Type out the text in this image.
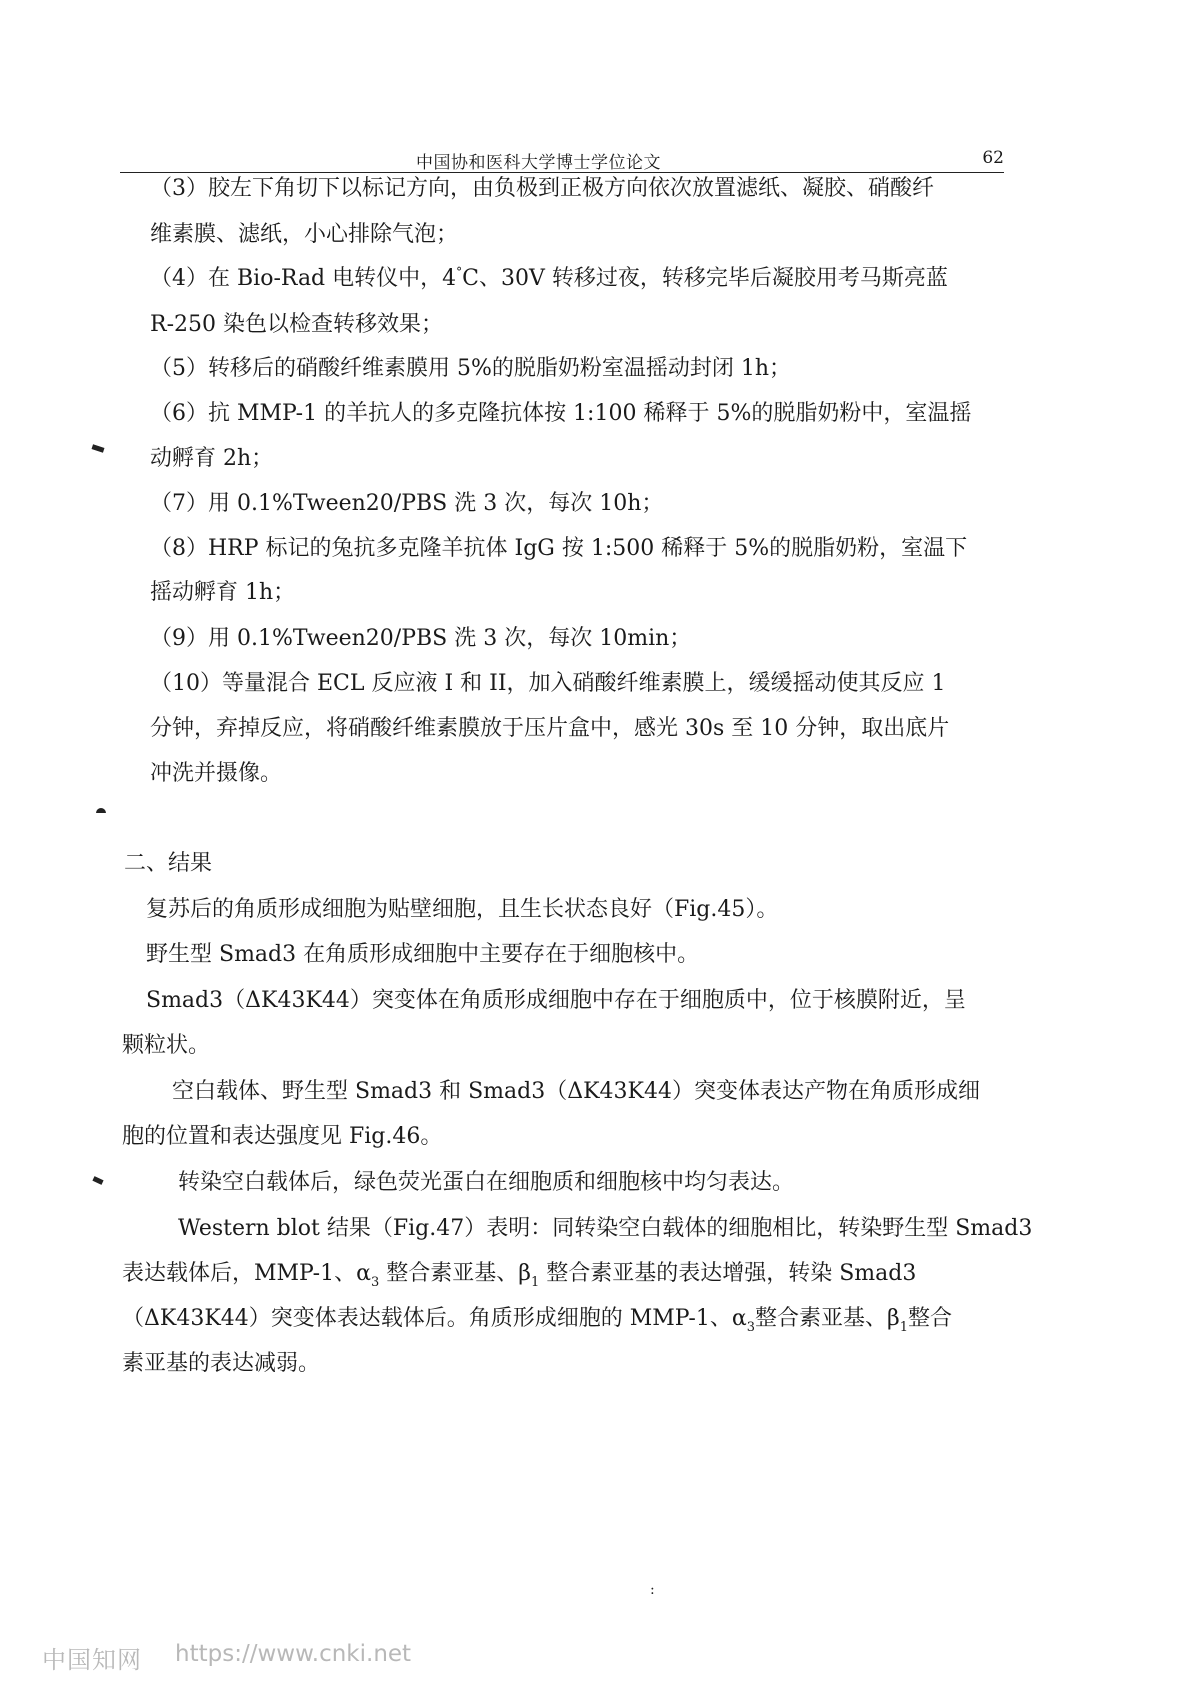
中国协和医科大学博士学位论文	62
（3）胶左下角切下以标记方向，由负极到正极方向依次放置滤纸、凝胶、硝酸纤
维素膜、滤纸，小心排除气泡；
（4）在 Bio-Rad 电转仪中，4°C、30V 转移过夜，转移完毕后凝胶用考马斯亮蓝
R-250 染色以检查转移效果；
（5）转移后的硝酸纤维素膜用 5%的脱脂奶粉室温摇动封闭 1h；
（6）抗 MMP-1 的羊抗人的多克隆抗体按 1:100 稀释于 5%的脱脂奶粉中，室温摇
动孵育 2h；
（7）用 0.1%Tween20/PBS 洗 3 次，每次 10h；
（8）HRP 标记的兔抗多克隆羊抗体 IgG 按 1:500 稀释于 5%的脱脂奶粉，室温下
摇动孵育 1h；
（9）用 0.1%Tween20/PBS 洗 3 次，每次 10min；
（10）等量混合 ECL 反应液 I 和 II，加入硝酸纤维素膜上，缓缓摇动使其反应 1
分钟，弃掉反应，将硝酸纤维素膜放于压片盒中，感光 30s 至 10 分钟，取出底片
冲洗并摄像。
二、结果
复苏后的角质形成细胞为贴壁细胞，且生长状态良好（Fig.45）。
野生型 Smad3 在角质形成细胞中主要存在于细胞核中。
Smad3（ΔK43K44）突变体在角质形成细胞中存在于细胞质中，位于核膜附近，呈
颗粒状。
空白载体、野生型 Smad3 和 Smad3（ΔK43K44）突变体表达产物在角质形成细
胞的位置和表达强度见 Fig.46。
转染空白载体后，绿色荧光蛋白在细胞质和细胞核中均匀表达。
Western blot 结果（Fig.47）表明：同转染空白载体的细胞相比，转染野生型 Smad3
表达载体后，MMP-1、$\alpha_3$ 整合素亚基、$\beta_1$ 整合素亚基的表达增强，转染 Smad3
（ΔK43K44）突变体表达载体后。角质形成细胞的 MMP-1、$\alpha_3$整合素亚基、$\beta_1$整合
素亚基的表达减弱。
:
中国知网 https://www.cnki.net
